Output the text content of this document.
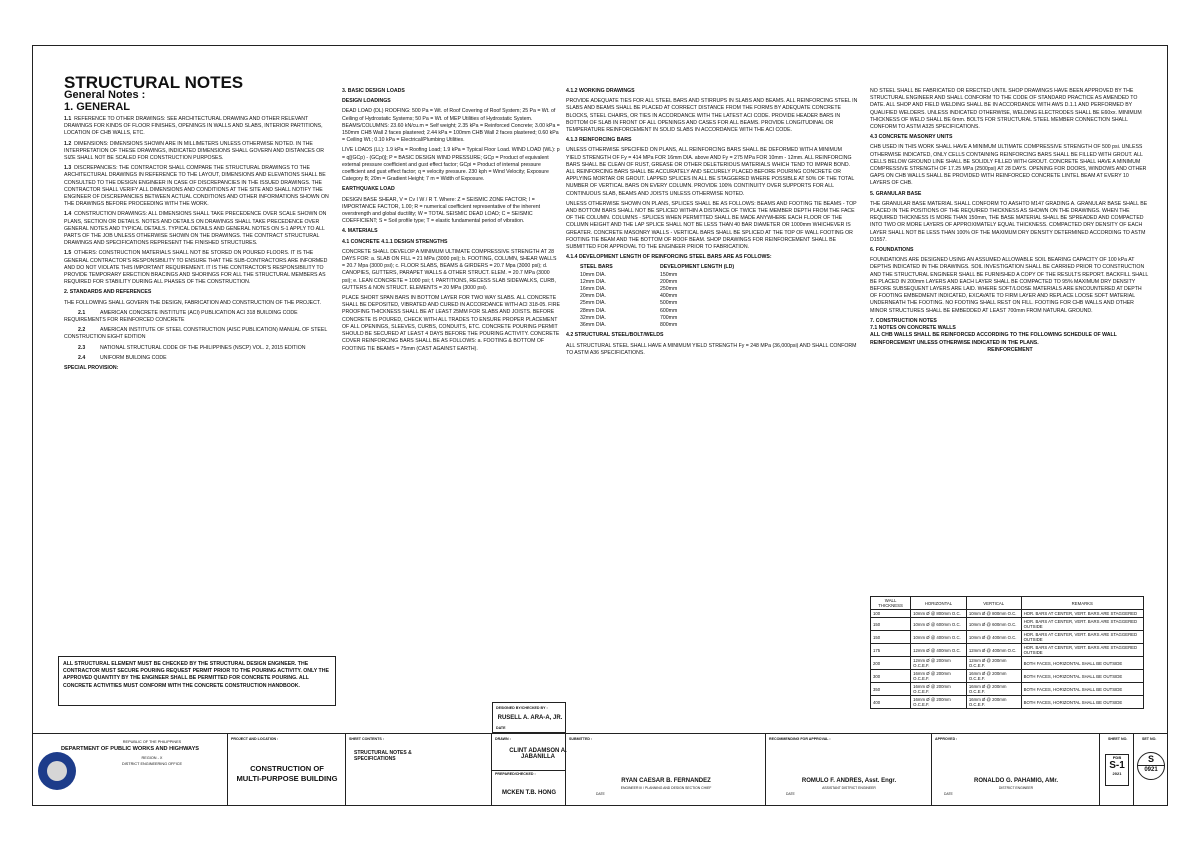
STRUCTURAL NOTES
General Notes :
1. GENERAL
1.1 REFERENCE TO OTHER DRAWINGS: SEE ARCHITECTURAL DRAWING AND OTHER RELEVANT DRAWINGS FOR KINDS OF FLOOR FINISHES, OPENINGS IN WALLS AND SLABS, INTERIOR PARTITIONS, LOCATION OF CHB WALLS, ETC.
1.2 DIMENSIONS: DIMENSIONS SHOWN ARE IN MILLIMETERS UNLESS OTHERWISE NOTED. IN THE INTERPRETATION OF THESE DRAWINGS, INDICATED DIMENSIONS SHALL GOVERN AND DISTANCES OR SIZE SHALL NOT BE SCALED FOR CONSTRUCTION PURPOSES.
1.3 DISCREPANCIES: THE CONTRACTOR SHALL COMPARE THE STRUCTURAL DRAWINGS TO THE ARCHITECTURAL DRAWINGS IN REFERENCE TO THE LAYOUT, DIMENSIONS AND ELEVATIONS SHALL BE CONSULTED TO THE DESIGN ENGINEER IN CASE OF DISCREPANCIES IN THE ISSUED DRAWINGS. THE CONTRACTOR SHALL VERIFY ALL DIMENSIONS AND CONDITIONS AT THE SITE AND SHALL NOTIFY THE ENGINEER OF DISCREPANCIES BETWEEN ACTUAL CONDITIONS AND OTHER INFORMATIONS SHOWN ON THE DRAWINGS BEFORE PROCEEDING WITH THE WORK.
1.4 CONSTRUCTION DRAWINGS: ALL DIMENSIONS SHALL TAKE PRECEDENCE OVER SCALE SHOWN ON PLANS, SECTION OR DETAILS. NOTES AND DETAILS ON DRAWINGS SHALL TAKE PRECEDENCE OVER GENERAL NOTES AND TYPICAL DETAILS. TYPICAL DETAILS AND GENERAL NOTES ON S-1 APPLY TO ALL PARTS OF THE JOB UNLESS OTHERWISE SHOWN ON THE DRAWINGS. THE CONTRACT STRUCTURAL DRAWINGS AND SPECIFICATIONS REPRESENT THE FINISHED STRUCTURES.
1.5 OTHERS: CONSTRUCTION MATERIALS SHALL NOT BE STORED ON POURED FLOORS. IT IS THE GENERAL CONTRACTOR'S RESPONSIBILITY TO ENSURE THAT THE SUB-CONTRACTORS ARE INFORMED AND DO NOT VIOLATE THIS IMPORTANT REQUIREMENT. IT IS THE CONTRACTOR'S RESPONSIBILITY TO PROVIDE TEMPORARY ERECTION BRACINGS AND SHORINGS FOR ALL THE STRUCTURAL MEMBERS AS REQUIRED FOR STABILITY DURING ALL PHASES OF THE CONSTRUCTION.
2. STANDARDS AND REFERENCES
THE FOLLOWING SHALL GOVERN THE DESIGN, FABRICATION AND CONSTRUCTION OF THE PROJECT.
2.1	AMERICAN CONCRETE INSTITUTE (ACI) PUBLICATION ACI 318 BUILDING CODE REQUIREMENTS FOR REINFORCED CONCRETE
2.2	AMERICAN INSTITUTE OF STEEL CONSTRUCTION (AISC PUBLICATION) MANUAL OF STEEL CONSTRUCTION EIGHT EDITION
2.3	NATIONAL STRUCTURAL CODE OF THE PHILIPPINES (NSCP) VOL. 2, 2015 EDITION
2.4	UNIFORM BUILDING CODE
SPECIAL PROVISION:
ALL STRUCTURAL ELEMENT MUST BE CHECKED BY THE STRUCTURAL DESIGN ENGINEER. THE CONTRACTOR MUST SECURE POURING REQUEST PERMIT PRIOR TO THE POURING ACTIVITY. ONLY THE APPROVED QUANTITY BY THE ENGINEER SHALL BE PERMITTED FOR CONCRETE POURING. ALL CONCRETE ACTIVITIES MUST CONFORM WITH THE CONCRETE CONSTRUCTION HANDBOOK.
3. BASIC DESIGN LOADS
DESIGN LOADINGS
DEAD LOAD (DL) ROOFING: 500 Pa = Wt. of Roof Covering of Roof System; 25 Pa = Wt. of Ceiling of Hydrostatic Systems; 50 Pa = Wt. of MEP Utilities of Hydrostatic System. BEAMS/COLUMNS: 23.60 kN/cu.m = Self weight; 2.35 kPa = Reinforced Concrete; 3.00 kPa = 150mm CHB Wall 2 faces plastered; 2.44 kPa = 100mm CHB Wall 2 faces plastered; 0.60 kPa = Ceiling Wt.; 0.10 kPa = Electrical/Plumbing Utilities.
LIVE LOADS (LL): 1.9 kPa = Roofing Load; 1.9 kPa = Typical Floor Load. WIND LOAD (WL): p = q[(GCp) - (GCpi)]; P = BASIC DESIGN WIND PRESSURE; GCp = Product of equivalent external pressure coefficient and gust effect factor; GCpi = Product of internal pressure coefficient and gust effect factor; q = velocity pressure. 230 kph = Wind Velocity; Exposure Category B; 20m = Gradient Height; 7 m = Width of Exposure.
EARTHQUAKE LOAD
DESIGN BASE SHEAR, V = Cv I W / R T. Where: Z = SEISMIC ZONE FACTOR; I = IMPORTANCE FACTOR, 1.00; R = numerical coefficient representative of the inherent overstrength and global ductility; W = TOTAL SEISMIC DEAD LOAD; C = SEISMIC COEFFICIENT; S = Soil profile type; T = elastic fundamental period of vibration.
4. MATERIALS
4.1 CONCRETE 4.1.1 DESIGN STRENGTHS
CONCRETE SHALL DEVELOP A MINIMUM ULTIMATE COMPRESSIVE STRENGTH AT 28 DAYS FOR: a. SLAB ON FILL = 21 MPa (3000 psi); b. FOOTING, COLUMN, SHEAR WALLS = 20.7 Mpa (3000 psi); c. FLOOR SLABS, BEAMS & GIRDERS = 20.7 Mpa (3000 psi); d. CANOPIES, GUTTERS, PARAPET WALLS & OTHER STRUCT. ELEM. = 20.7 MPa (3000 psi); e. LEAN CONCRETE = 1000 psi; f. PARTITIONS, RECESS SLAB SIDEWALKS, CURB, GUTTERS & NON STRUCT. ELEMENTS = 20 MPa (3000 psi).
PLACE SHORT SPAN BARS IN BOTTOM LAYER FOR TWO WAY SLABS. ALL CONCRETE SHALL BE DEPOSITED, VIBRATED AND CURED IN ACCORDANCE WITH ACI 318-05. FIRE PROOFING THICKNESS SHALL BE AT LEAST 25MM FOR SLABS AND JOISTS. BEFORE CONCRETE IS POURED, CHECK WITH ALL TRADES TO ENSURE PROPER PLACEMENT OF ALL OPENINGS, SLEEVES, CURBS, CONDUITS, ETC. CONCRETE POURING PERMIT SHOULD BE SECURED AT LEAST 4 DAYS BEFORE THE POURING ACTIVITY. CONCRETE COVER REINFORCING BARS SHALL BE AS FOLLOWS: a. FOOTING & BOTTOM OF FOOTING TIE BEAMS = 75mm (CAST AGAINST EARTH).
4.1.2 WORKING DRAWINGS
PROVIDE ADEQUATE TIES FOR ALL STEEL BARS AND STIRRUPS IN SLABS AND BEAMS. ALL REINFORCING STEEL IN SLABS AND BEAMS SHALL BE PLACED AT CORRECT DISTANCE FROM THE FORMS BY ADEQUATE CONCRETE BLOCKS, STEEL CHAIRS, OR TIES IN ACCORDANCE WITH THE LATEST ACI CODE. PROVIDE HEADER BARS IN BOTTOM OF SLAB IN FRONT OF ALL OPENINGS AND CASES FOR ALL BEAMS. PROVIDE LONGITUDINAL OR TEMPERATURE REINFORCEMENT IN SOLID SLABS IN ACCORDANCE WITH THE ACI CODE.
4.1.3 REINFORCING BARS
UNLESS OTHERWISE SPECIFIED ON PLANS, ALL REINFORCING BARS SHALL BE DEFORMED WITH A MINIMUM YIELD STRENGTH OF Fy = 414 MPa FOR 16mm DIA. above AND Fy = 275 MPa FOR 10mm - 12mm. ALL REINFORCING BARS SHALL BE CLEAN OF RUST, GREASE OR OTHER DELETERIOUS MATERIALS WHICH TEND TO IMPAIR BOND. ALL REINFORCING BARS SHALL BE ACCURATELY AND SECURELY PLACED BEFORE POURING CONCRETE OR APPLYING MORTAR OR GROUT. LAPPED SPLICES IN ALL BE STAGGERED WHERE POSSIBLE AT 50% OF THE TOTAL NUMBER OF VERTICAL BARS ON EVERY COLUMN. PROVIDE 100% CONTINUITY OVER SUPPORTS FOR ALL CONTINUOUS SLAB, BEAMS AND JOISTS UNLESS OTHERWISE NOTED.
UNLESS OTHERWISE SHOWN ON PLANS, SPLICES SHALL BE AS FOLLOWS: BEAMS AND FOOTING TIE BEAMS - TOP AND BOTTOM BARS SHALL NOT BE SPLICED WITHIN A DISTANCE OF TWICE THE MEMBER DEPTH FROM THE FACE OF THE COLUMN. COLUMNS - SPLICES WHEN PERMITTED SHALL BE MADE ANYWHERE EACH FLOOR OF THE COLUMN HEIGHT AND THE LAP SPLICE SHALL NOT BE LESS THAN 40 BAR DIAMETER OR 1000mm WHICHEVER IS GREATER. CONCRETE MASONRY WALLS - VERTICAL BARS SHALL BE SPLICED AT THE TOP OF WALL FOOTING OR FOOTING TIE BEAM AND THE BOTTOM OF ROOF BEAM. SHOP DRAWINGS FOR REINFORCEMENT SHALL BE SUBMITTED FOR APPROVAL TO THE ENGINEER PRIOR TO FABRICATION.
4.1.4 DEVELOPMENT LENGTH OF REINFORCING STEEL BARS ARE AS FOLLOWS:
STEEL BARS	DEVELOPMENT LENGTH (LD)
10mm DIA.	150mm
12mm DIA.	200mm
16mm DIA.	250mm
20mm DIA.	400mm
25mm DIA.	500mm
28mm DIA.	600mm
32mm DIA.	700mm
36mm DIA.	800mm
4.2 STRUCTURAL STEEL/BOLT/WELDS
ALL STRUCTURAL STEEL SHALL HAVE A MINIMUM YIELD STRENGTH Fy = 248 MPa (36,000psi) AND SHALL CONFORM TO ASTM A36 SPECIFICATIONS.
NO STEEL SHALL BE FABRICATED OR ERECTED UNTIL SHOP DRAWINGS HAVE BEEN APPROVED BY THE STRUCTURAL ENGINEER AND SHALL CONFORM TO THE CODE OF STANDARD PRACTICE AS AMENDED TO DATE. ALL SHOP AND FIELD WELDING SHALL BE IN ACCORDANCE WITH AWS D.1.1 AND PERFORMED BY QUALIFIED WELDERS. UNLESS INDICATED OTHERWISE, WELDING ELECTRODES SHALL BE E60xx. MINIMUM THICKNESS OF WELD SHALL BE 6mm. BOLTS FOR STRUCTURAL STEEL MEMBER CONNECTION SHALL CONFORM TO ASTM A325 SPECIFICATIONS.
4.3 CONCRETE MASONRY UNITS
CHB USED IN THIS WORK SHALL HAVE A MINIMUM ULTIMATE COMPRESSIVE STRENGTH OF 500 psi. UNLESS OTHERWISE INDICATED, ONLY CELLS CONTAINING REINFORCING BARS SHALL BE FILLED WITH GROUT. ALL CELLS BELOW GROUND LINE SHALL BE SOLIDLY FILLED WITH GROUT. CONCRETE SHALL HAVE A MINIMUM COMPRESSIVE STRENGTH OF 17.25 MPa (2500psi) AT 28 DAYS. OPENING FOR DOORS, WINDOWS AND OTHER GAPS ON CHB WALLS SHALL BE PROVIDED WITH REINFORCED CONCRETE LINTEL BEAM AT EVERY 10 LAYERS OF CHB.
5. GRANULAR BASE
THE GRANULAR BASE MATERIAL SHALL CONFORM TO AASHTO M147 GRADING A. GRANULAR BASE SHALL BE PLACED IN THE POSITIONS OF THE REQUIRED THICKNESS AS SHOWN ON THE DRAWINGS. WHEN THE REQUIRED THICKNESS IS MORE THAN 150mm, THE BASE MATERIAL SHALL BE SPREADED AND COMPACTED INTO TWO OR MORE LAYERS OF APPROXIMATELY EQUAL THICKNESS. COMPACTED DRY DENSITY OF EACH LAYER SHALL NOT BE LESS THAN 100% OF THE MAXIMUM DRY DENSITY DETERMINED ACCORDING TO ASTM D1557.
6. FOUNDATIONS
FOUNDATIONS ARE DESIGNED USING AN ASSUMED ALLOWABLE SOIL BEARING CAPACITY OF 100 kPa AT DEPTHS INDICATED IN THE DRAWINGS. SOIL INVESTIGATION SHALL BE CARRIED PRIOR TO CONSTRUCTION AND THE STRUCTURAL ENGINEER SHALL BE FURNISHED A COPY OF THE RESULTS REPORT. BACKFILL SHALL BE PLACED IN 200mm LAYERS AND EACH LAYER SHALL BE COMPACTED TO 95% MAXIMUM DRY DENSITY BEFORE SUBSEQUENT LAYERS ARE LAID. WHERE SOFT/LOOSE MATERIALS ARE ENCOUNTERED AT DEPTH OF FOOTING EMBEDMENT INDICATED, EXCAVATE TO FIRM LAYER AND REPLACE LOOSE SOFT MATERIAL UNDERNEATH THE FOOTING. NO FOOTING SHALL REST ON FILL. FOOTING FOR CHB WALLS AND OTHER MINOR STRUCTURES SHALL BE EMBEDDED AT LEAST 700mm FROM NATURAL GROUND.
7. CONSTRUCTION NOTES
7.1 NOTES ON CONCRETE WALLS
ALL CHB WALLS SHALL BE REINFORCED ACCORDING TO THE FOLLOWING SCHEDULE OF WALL REINFORCEMENT UNLESS OTHERWISE INDICATED IN THE PLANS.
REINFORCEMENT
WALL THICKNESS	HORIZONTAL	VERTICAL	REMARKS
100	10mm Ø @ 800mm O.C.	10mm Ø @ 800mm O.C.	HOR. BARS AT CENTER, VERT. BARS ARE STAGGERED
150	10mm Ø @ 600mm O.C.	10mm Ø @ 600mm O.C.	HOR. BARS AT CENTER, VERT. BARS ARE STAGGERED OUTSIDE
150	10mm Ø @ 400mm O.C.	10mm Ø @ 400mm O.C.	HOR. BARS AT CENTER, VERT. BARS ARE STAGGERED OUTSIDE
175	12mm Ø @ 400mm O.C.	12mm Ø @ 400mm O.C.	HOR. BARS AT CENTER, VERT. BARS ARE STAGGERED OUTSIDE
200	12mm Ø @ 200mm O.C.E.F.	12mm Ø @ 200mm O.C.E.F.	BOTH FACES, HORIZONTAL SHALL BE OUTSIDE
300	16mm Ø @ 200mm O.C.E.F.	16mm Ø @ 200mm O.C.E.F.	BOTH FACES, HORIZONTAL SHALL BE OUTSIDE
350	16mm Ø @ 200mm O.C.E.F.	16mm Ø @ 200mm O.C.E.F.	BOTH FACES, HORIZONTAL SHALL BE OUTSIDE
400	16mm Ø @ 200mm O.C.E.F.	16mm Ø @ 200mm O.C.E.F.	BOTH FACES, HORIZONTAL SHALL BE OUTSIDE
DESIGNED BY/CHECKED BY :
RUSELL A. ARA-A, JR.
DATE
REPUBLIC OF THE PHILIPPINES
DEPARTMENT OF PUBLIC WORKS AND HIGHWAYS
REGION - X
DISTRICT ENGINEERING OFFICE
PROJECT AND LOCATION :
CONSTRUCTION OF
MULTI-PURPOSE BUILDING
SHEET CONTENTS :
STRUCTURAL NOTES & SPECIFICATIONS
DRAWN :
CLINT ADAMSON A. JABANILLA
PREPARED/CHECKED :
MCKEN T.B. HONG
SUBMITTED :
RYAN CAESAR B. FERNANDEZ
ENGINEER III / PLANNING AND DESIGN SECTION CHIEF
DATE
RECOMMENDING FOR APPROVAL :
ROMULO F. ANDRES, Asst. Engr.
ASSISTANT DISTRICT ENGINEER
DATE
APPROVED :
RONALDO G. PAHAMIG, AMr.
DISTRICT ENGINEER
DATE
SHEET NO.
PDB
S-1
2021
SET NO.
S
0921
